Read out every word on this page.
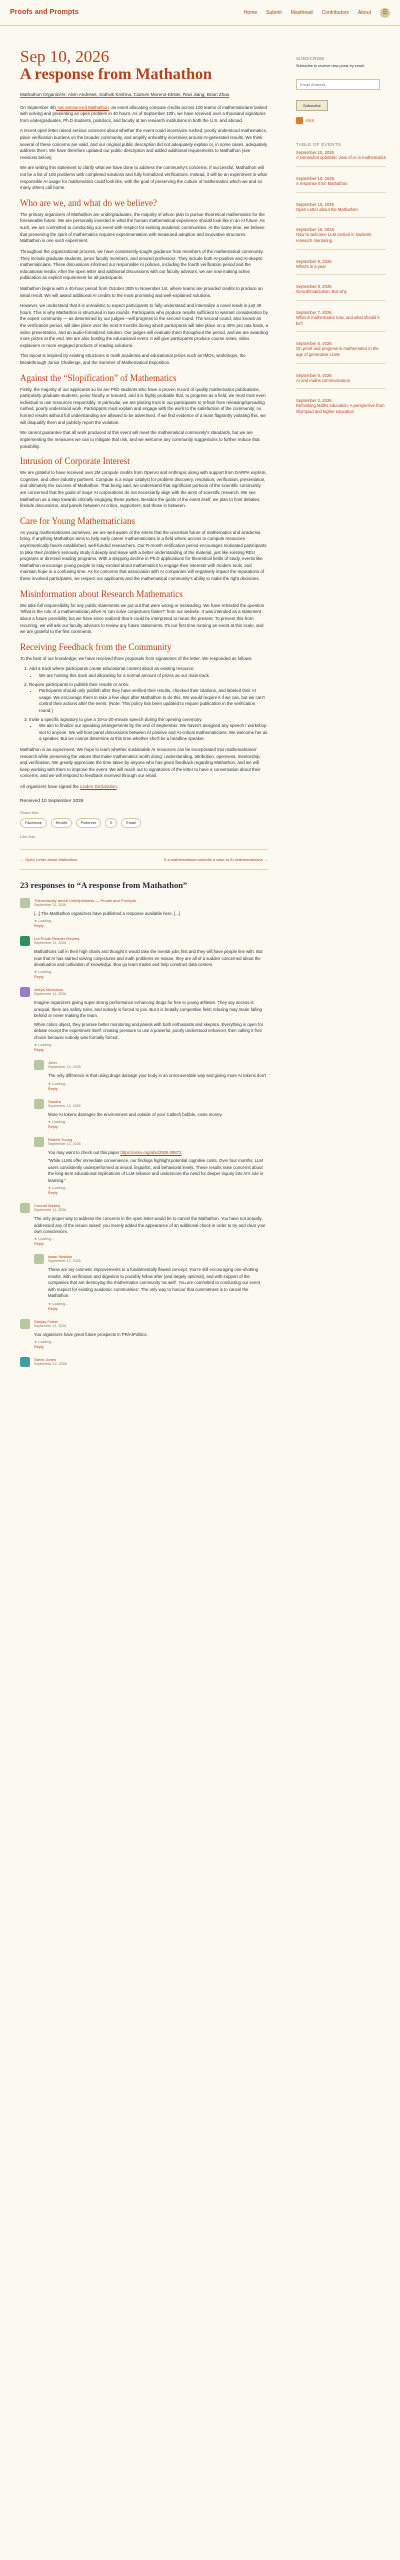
Proofs and Prompts	Home Submit Masthead Contributors About	☰
Sep 10, 2026
A response from Mathathon
Mathathon Organizers: Alvin Andrews, Sathvik Krishna, Caimen Moreno-Ekstei, Ravi Jiang, Brian Zhao

On September 4th, we announced Mathathon, an event allocating compute credits across 100 teams of mathematicians tasked with solving and presenting an open problem in 40 hours. As of September 10th, we have received over a thousand signatures from undergraduates, Ph.D students, postdocs, and faculty at ten research institutions in both the U.S. and abroad.

A recent open letter raised serious concerns about whether the event could incentivize rushed, poorly understood mathematics, place verification burdens on the broader community, and amplify unhealthy incentives around AI-generated results. We think several of these concerns are valid, and our original public description did not adequately explain or, in some cases, adequately address them. We have therefore updated our public description and added additional requirements to Mathathon (see revisions below).

We are writing this statement to clarify what we have done to address the community's concerns. If successful, Mathathon will not be a list of 100 problems with completed solutions and fully formalized verifications. Instead, it will be an experiment in what responsible AI usage for mathematics could look like, with the goal of preserving the culture of mathematics which we and so many others call home.

Who are we, and what do we believe?

The primary organizers of Mathathon are undergraduates, the majority of whom plan to pursue theoretical mathematics for the foreseeable future. We are personally invested in what the human mathematical experience should look like in an AI future. As such, we are committed to conducting our event with respect for existing academic communities. At the same time, we believe that preserving the spirit of mathematics requires experimentation with measured adoption and innovative structures. Mathathon is one such experiment.

Throughout the organizational process, we have consistently sought guidance from members of the mathematical community. They include graduate students, junior faculty members, and tenured professors. They include both AI-positive and AI-skeptic mathematicians. These discussions informed our responsible AI policies, including the fourth verification period and the educational media. After the open letter and additional discussions with our faculty advisors, we are now making active publication an explicit requirement for all participants.

Mathathon begins with a 40-hour period from October 30th to November 1st, where teams are provided credits to produce an initial result. We will award additional AI credits to the most promising and well-explained solutions.

However, we understand that it is unrealistic to expect participants to fully understand and internalize a novel result in just 40 hours. This is why Mathathon is structured in two rounds. Participants who produce results sufficient to warrant consideration by the expert community — as determined by our judges—will progress to the second round. The second round, also known as the verification period, will take place over the next 8 months during which participants will take place on a 40% pro rata basis, a video presentation, and an audio-formalized solution. Our judges will evaluate them throughout the period, and we are awarding more prizes at the end. We are also hosting the educational event. It will give participants produce course notes, video explainers or more engaged products of reading solutions.

This layout is inspired by existing structures in math academia and educational prizes such as IMOs, workshops, the Breakthrough Junior Challenge, and the Summer of Mathematical Exposition.

Against the “Slopification” of Mathematics

Firstly, the majority of our applicants so far are PhD students who have a proven record of quality mathematics publications, particularly graduate students, junior faculty or tenured, and it is highly probable that, to progress as a field, we must trust even individual to use resources responsibly. In particular, we are placing trust in our participants to refrain from releasing/spreading rushed, poorly understood work. Participants must explain and engage with the work to the satisfaction of the community; no hurried results without full understanding are allowed to be advertised. If we find evidence of a team flagrantly violating this, we will disqualify them and publicly report the violation.

We cannot guarantee that all work produced at this event will meet the mathematical community's standards, but we are implementing the measures we can to mitigate that risk, and we welcome any community suggestions to further reduce that possibility.

Intrusion of Corporate Interest

We are grateful to have received over 2M compute credits from OpenAI and Anthropic along with support from DARPA explAIn, Cognitive, and other industry partners. Compute is a major catalyst for problem discovery, resolution, verification, presentation, and ultimately the success of Mathathon. That being said, we understand that significant portions of the scientific community are concerned that the goals of major AI corporations do not necessarily align with the aims of scientific research. We see Mathathon as a step towards critically engaging these parties. Besides the goals of the event itself, we plan to host debates, fireside discussions, and panels between AI critics, supporters, and those in between.

Care for Young Mathematicians

As young mathematicians ourselves, we are well aware of the stress that the uncertain future of mathematics and academia bring. If anything Mathathon aims to help early career mathematicians in a field where access to compute resources asymmetrically favors established, well-funded researchers. Our R-month verification period encourages motivated participants to take their problem seriously study it deeply and leave with a better understanding of the material, just like existing REU programs or directed reading programs. With a stepping decline in Ph.D applications for theoretical fields of study, events like Mathathon encourage young people to stay excited about mathematics to engage their interests with modern tools, and maintain hope in a confusing time. As for concerns that association with AI companies will negatively impact the reputations of these involved participants, we respect our applicants and the mathematical community's ability to make the right decisions.

Misinformation about Research Mathematics

We take full responsibility for any public statements we put out that were wrong or misleading. We have retracted the question 'What is the role of a mathematician when AI can solve conjectures faster?' from our website. It was intended as a statement about a future possibility but we have since realized that it could be interpreted to mean the present. To prevent this from recurring, we will ask our faculty advisors to review any future statements. It's our first time running an event at this scale, and we are grateful to the first comments.

Receiving Feedback from the Community

To the best of our knowledge, we have received three proposals from signatories of the letter. We responded as follows:

1. Add a track where participants create educational content about an existing resource.
• We are hosting this track and allocating for a normal amount of prizes as our main track.
2. Require participants to publish their results or arXiv.
• Participants should only publish after they have verified their results, checked their citations, and labeled their AI usage. We encourage them to take a few days after Mathathon to do this. We would require it if we can, but we can't control their actions after the event. (Note: This policy has been updated to require publication in the verification round.)
3. Invite a specific signatory to give a 10-to-20-minute speech during the opening ceremony.
• We aim to finalize our speaking arrangements by the end of September. We haven't assigned any speech / workshop slot to anyone. We will host panel discussions between AI positive and AI-critical mathematicians. We welcome her as a speaker. But we cannot determine at this time whether she'll be a headline speaker.

Mathathon is an experiment. We hope to learn whether sustainable AI resources can be incorporated into mathematicians' research while preserving the values that make mathematics worth doing: understanding, attribution, openness, mentorship, and verification. We greatly appreciate the time taken by anyone who has given feedback regarding Mathathon, and we will keep working with them to improve the event. We will reach out to signatories of the letter to have a conversation about their concerns, and we will respond to feedback received through our email.

All organizers have signed the Leiden Declaration.

Received 10 September 2026
Share this:
Facebook	Reddit	Pinterest	X	Email
Like this:
← Open Letter about Mathathon	If a mathematician submits a case to AI mathematicians →
23 responses to “A response from Mathathon”
Theoretically about Unhelpfulness — Proofs and Prompts
September 11, 2026
[...] The Mathathon organizers have published a response available here. [...]
★ Loading...
Reply
Lot Poole Reader Review
September 11, 2026
Mathathons call in their high chairs and thought it would take the mental jobs first and they will have people line with. But now that AI has started solving conjectures and math problems en masse, they are all of a sudden concerned about the devaluation and cultivation of knowledge. Boo go learn trades and help construct data centers.
★ Loading...
Reply
Jeeya Nicholson
September 11, 2026
Imagine organizers giving super strong performance enhancing drugs for free to young athletes. They say access is unequal, there are safety rules, and nobody is forced to join. But it is brutally competitive field; refusing may mean falling behind or never making the team.
When critics object, they promise better monitoring and panels with both enthusiasts and skeptics. Everything is open for debate except the experiment itself: creating pressure to use a powerful, poorly understood enhancer, then calling it free choice because nobody was formally forced.
★ Loading...
Reply
John
September 12, 2026
The only difference is that using drugs damage your body in an unrecoverable way and giving more AI tokens don't
★ Loading...
Reply
Sandra
September 12, 2026
More AI tokens damages the environment and outside of your Caltech bubble, costs money.
★ Loading...
Reply
Robert Young
September 13, 2026
You may want to check out this paper https://arxiv.org/abs/2506.08872
"While LLMs offer immediate convenience, our findings highlight potential cognitive costs. Over four months, LLM users consistently underperformed at neural, linguistic, and behavioral levels. These results raise concerns about the long-term educational implications of LLM reliance and underscore the need for deeper inquiry into AI's role in learning."
★ Loading...
Reply
Conrad Bisbey
September 11, 2026
The only proper way to address the concerns in the open letter would be to cancel the Mathathon. You have not actually addressed any of the issues raised; you merely added the appearance of an additional check in order to try and clear your own consciences.
★ Loading...
Reply
Isaac Newton
September 12, 2026
These are toy cosmetic improvements to a fundamentally flawed concept. You're still encouraging one-shotting results, with verification and digestion to possibly follow after (and largely optional), and with support of the companies that are destroying the mathematics community 'as well'. You are committed to conducting our event with respect for existing academic communities'. The only way to honour that commitment is to cancel the Mathathon.
★ Loading...
Reply
Sanjay Forter
September 11, 2026
You organisers have great future prospects in PR/AIPolitics.
★ Loading...
Reply
Steve Jones
September 12, 2026
SUBSCRIBE
Subscribe to receive new posts by email.
Email Address
Subscribe
RSS
TABLE OF EVENTS
September 10, 2026
A somewhat optimistic view of AI in mathematics
September 10, 2026
A response from Mathathon
September 10, 2026
Open Letter about the Mathathon
September 10, 2026
How to welcome LLM carried in students research mentoring
September 9, 2026
What's in a year
September 8, 2026
Geocithmatization: But why
September 7, 2026
What is mathematics now, and what should it be?
September 6, 2026
On proof and progress in mathematics in the age of generative LLMs
September 5, 2026
AI and maths communication
September 2, 2026
Rethinking Maths education: A perspective from Olympiad and higher education
